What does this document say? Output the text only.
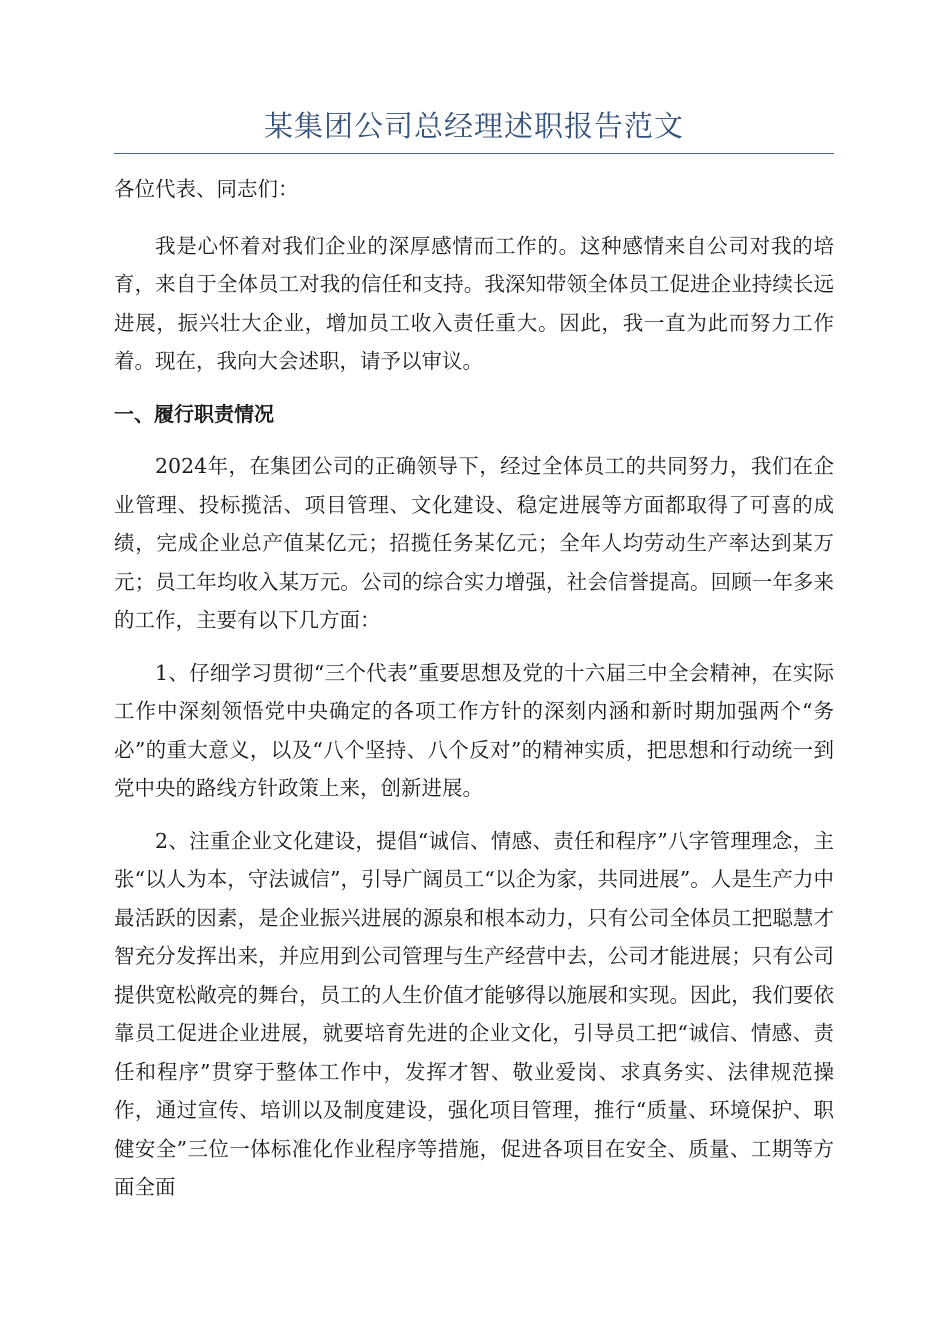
某集团公司总经理述职报告范文

各位代表、同志们：

我是心怀着对我们企业的深厚感情而工作的。这种感情来自公司对我的培育，来自于全体员工对我的信任和支持。我深知带领全体员工促进企业持续长远进展，振兴壮大企业，增加员工收入责任重大。因此，我一直为此而努力工作着。现在，我向大会述职，请予以审议。

一、履行职责情况

2024年，在集团公司的正确领导下，经过全体员工的共同努力，我们在企业管理、投标揽活、项目管理、文化建设、稳定进展等方面都取得了可喜的成绩，完成企业总产值某亿元；招揽任务某亿元；全年人均劳动生产率达到某万元；员工年均收入某万元。公司的综合实力增强，社会信誉提高。回顾一年多来的工作，主要有以下几方面：

1、仔细学习贯彻“三个代表”重要思想及党的十六届三中全会精神，在实际工作中深刻领悟党中央确定的各项工作方针的深刻内涵和新时期加强两个“务必”的重大意义，以及“八个坚持、八个反对”的精神实质，把思想和行动统一到党中央的路线方针政策上来，创新进展。

2、注重企业文化建设，提倡“诚信、情感、责任和程序”八字管理理念，主张“以人为本，守法诚信”，引导广阔员工“以企为家，共同进展”。人是生产力中最活跃的因素，是企业振兴进展的源泉和根本动力，只有公司全体员工把聪慧才智充分发挥出来，并应用到公司管理与生产经营中去，公司才能进展；只有公司提供宽松敞亮的舞台，员工的人生价值才能够得以施展和实现。因此，我们要依靠员工促进企业进展，就要培育先进的企业文化，引导员工把“诚信、情感、责任和程序”贯穿于整体工作中，发挥才智、敬业爱岗、求真务实、法律规范操作，通过宣传、培训以及制度建设，强化项目管理，推行“质量、环境保护、职健安全”三位一体标准化作业程序等措施，促进各项目在安全、质量、工期等方面全面
